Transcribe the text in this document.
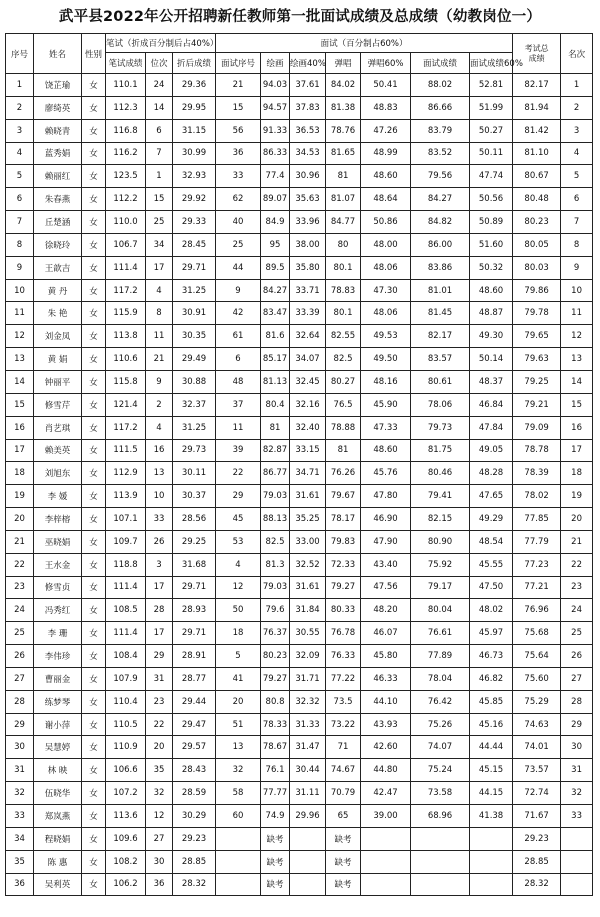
武平县2022年公开招聘新任教师第一批面试成绩及总成绩（幼教岗位一）
序号	姓名	性别	笔试（折成百分制后占40%）			面试（百分制占60%）							考试总成绩	名次
			笔试成绩	位次	折后成绩	面试序号	绘画	绘画40%	弹唱	弹唱60%	面试成绩	面试成绩60%		
1	饶芷瑜	女	110.1	24	29.36	21	94.03	37.61	84.02	50.41	88.02	52.81	82.17	1
2	廖绮英	女	112.3	14	29.95	15	94.57	37.83	81.38	48.83	86.66	51.99	81.94	2
3	赖晓青	女	116.8	6	31.15	56	91.33	36.53	78.76	47.26	83.79	50.27	81.42	3
4	蓝秀娟	女	116.2	7	30.99	36	86.33	34.53	81.65	48.99	83.52	50.11	81.10	4
5	赖丽红	女	123.5	1	32.93	33	77.4	30.96	81	48.60	79.56	47.74	80.67	5
6	朱春燕	女	112.2	15	29.92	62	89.07	35.63	81.07	48.64	84.27	50.56	80.48	6
7	丘楚涵	女	110.0	25	29.33	40	84.9	33.96	84.77	50.86	84.82	50.89	80.23	7
8	徐晓玲	女	106.7	34	28.45	25	95	38.00	80	48.00	86.00	51.60	80.05	8
9	王歆吉	女	111.4	17	29.71	44	89.5	35.80	80.1	48.06	83.86	50.32	80.03	9
10	黄 丹	女	117.2	4	31.25	9	84.27	33.71	78.83	47.30	81.01	48.60	79.86	10
11	朱 艳	女	115.9	8	30.91	42	83.47	33.39	80.1	48.06	81.45	48.87	79.78	11
12	刘金凤	女	113.8	11	30.35	61	81.6	32.64	82.55	49.53	82.17	49.30	79.65	12
13	黄 娟	女	110.6	21	29.49	6	85.17	34.07	82.5	49.50	83.57	50.14	79.63	13
14	钟丽平	女	115.8	9	30.88	48	81.13	32.45	80.27	48.16	80.61	48.37	79.25	14
15	修雪芹	女	121.4	2	32.37	37	80.4	32.16	76.5	45.90	78.06	46.84	79.21	15
16	肖艺琪	女	117.2	4	31.25	11	81	32.40	78.88	47.33	79.73	47.84	79.09	16
17	赖美英	女	111.5	16	29.73	39	82.87	33.15	81	48.60	81.75	49.05	78.78	17
18	刘旭东	女	112.9	13	30.11	22	86.77	34.71	76.26	45.76	80.46	48.28	78.39	18
19	李 媛	女	113.9	10	30.37	29	79.03	31.61	79.67	47.80	79.41	47.65	78.02	19
20	李梓榕	女	107.1	33	28.56	45	88.13	35.25	78.17	46.90	82.15	49.29	77.85	20
21	巫晓娟	女	109.7	26	29.25	53	82.5	33.00	79.83	47.90	80.90	48.54	77.79	21
22	王水金	女	118.8	3	31.68	4	81.3	32.52	72.33	43.40	75.92	45.55	77.23	22
23	修雪贞	女	111.4	17	29.71	12	79.03	31.61	79.27	47.56	79.17	47.50	77.21	23
24	冯秀红	女	108.5	28	28.93	50	79.6	31.84	80.33	48.20	80.04	48.02	76.96	24
25	李 珊	女	111.4	17	29.71	18	76.37	30.55	76.78	46.07	76.61	45.97	75.68	25
26	李伟珍	女	108.4	29	28.91	5	80.23	32.09	76.33	45.80	77.89	46.73	75.64	26
27	曹丽金	女	107.9	31	28.77	41	79.27	31.71	77.22	46.33	78.04	46.82	75.60	27
28	练梦琴	女	110.4	23	29.44	20	80.8	32.32	73.5	44.10	76.42	45.85	75.29	28
29	谢小萍	女	110.5	22	29.47	51	78.33	31.33	73.22	43.93	75.26	45.16	74.63	29
30	吴慧婷	女	110.9	20	29.57	13	78.67	31.47	71	42.60	74.07	44.44	74.01	30
31	林 映	女	106.6	35	28.43	32	76.1	30.44	74.67	44.80	75.24	45.15	73.57	31
32	伍晓华	女	107.2	32	28.59	58	77.77	31.11	70.79	42.47	73.58	44.15	72.74	32
33	郑岚燕	女	113.6	12	30.29	60	74.9	29.96	65	39.00	68.96	41.38	71.67	33
34	程晓娟	女	109.6	27	29.23		缺考		缺考				29.23	
35	陈 惠	女	108.2	30	28.85		缺考		缺考				28.85	
36	吴利英	女	106.2	36	28.32		缺考		缺考				28.32	
